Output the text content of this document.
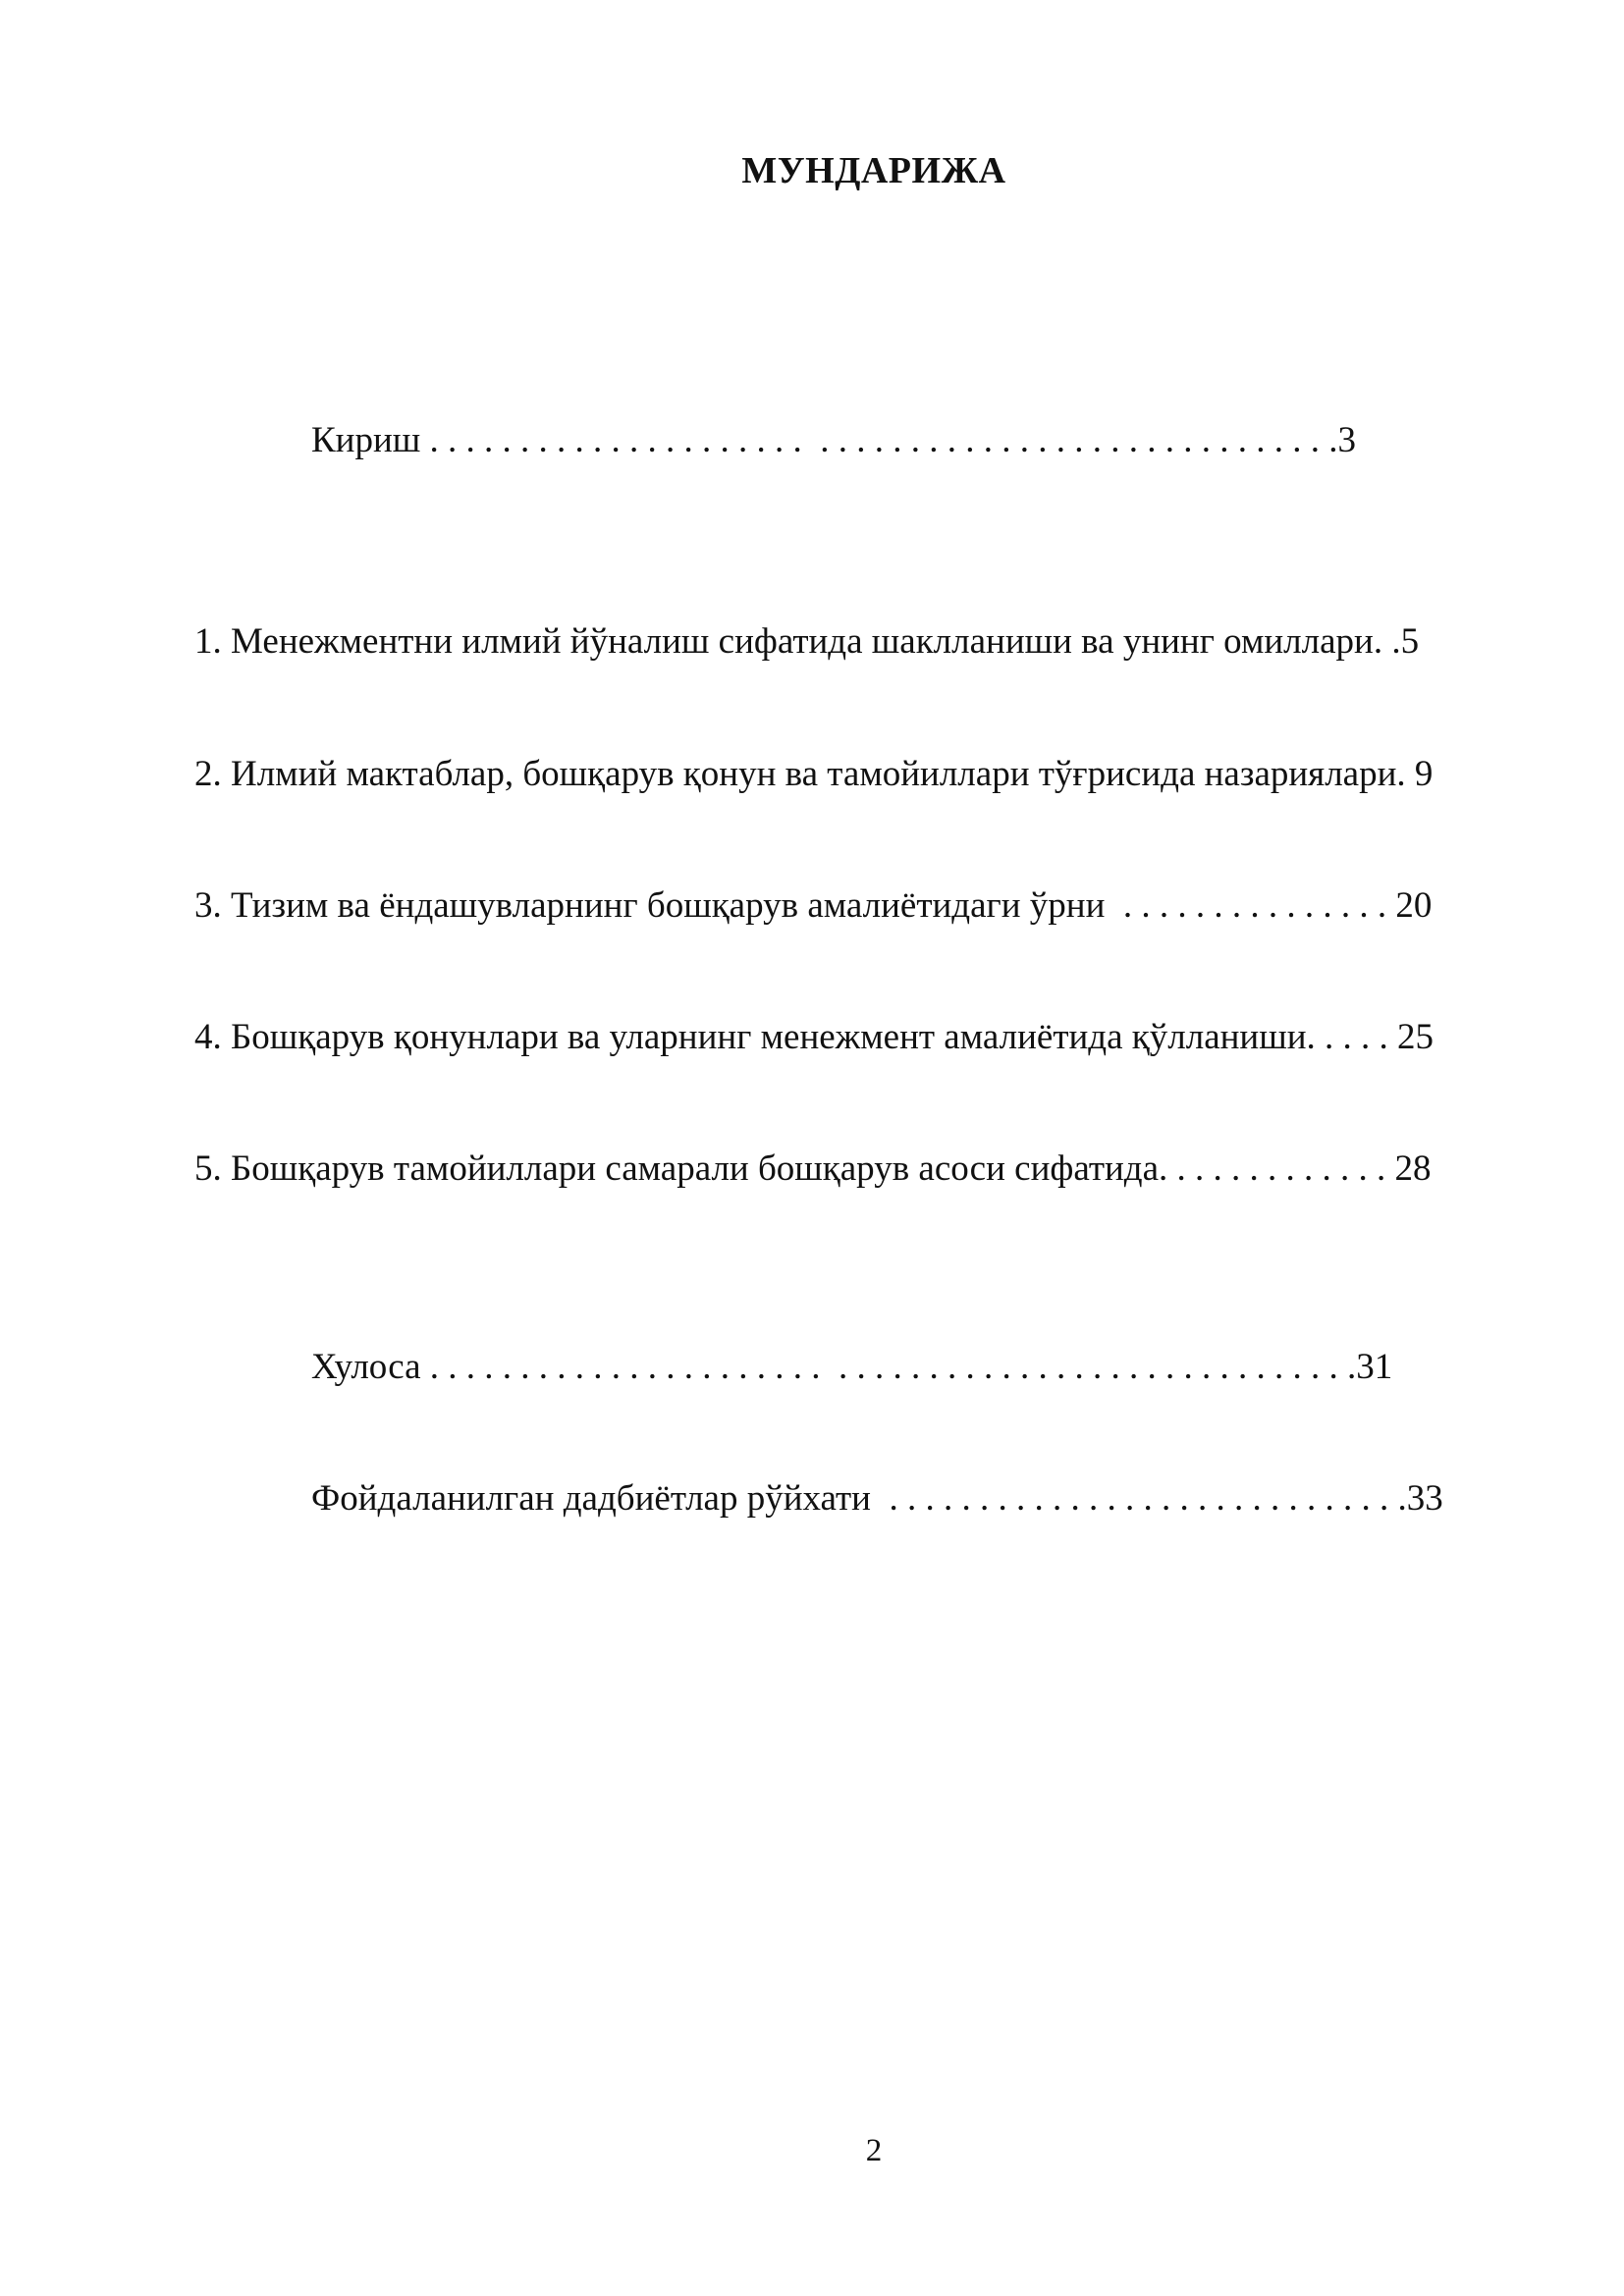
МУНДАРИЖА
Кириш . . . . . . . . . . . . . . . . . . . . .  . . . . . . . . . . . . . . . . . . . . . . . . . . . . .3
1. Менежментни илмий йўналиш сифатида шаклланиши ва унинг омиллари. .5
2. Илмий мактаблар, бошқарув қонун ва тамойиллари тўғрисида назариялари. 9
3. Тизим ва ёндашувларнинг бошқарув амалиётидаги ўрни  . . . . . . . . . . . . . . . 20
4. Бошқарув қонунлари ва уларнинг менежмент амалиётида қўлланиши. . . . . 25
5. Бошқарув тамойиллари самарали бошқарув асоси сифатида. . . . . . . . . . . . . 28
Хулоса . . . . . . . . . . . . . . . . . . . . . .  . . . . . . . . . . . . . . . . . . . . . . . . . . . . .31
Фойдаланилган дадбиётлар рўйхати  . . . . . . . . . . . . . . . . . . . . . . . . . . . . .33
2
